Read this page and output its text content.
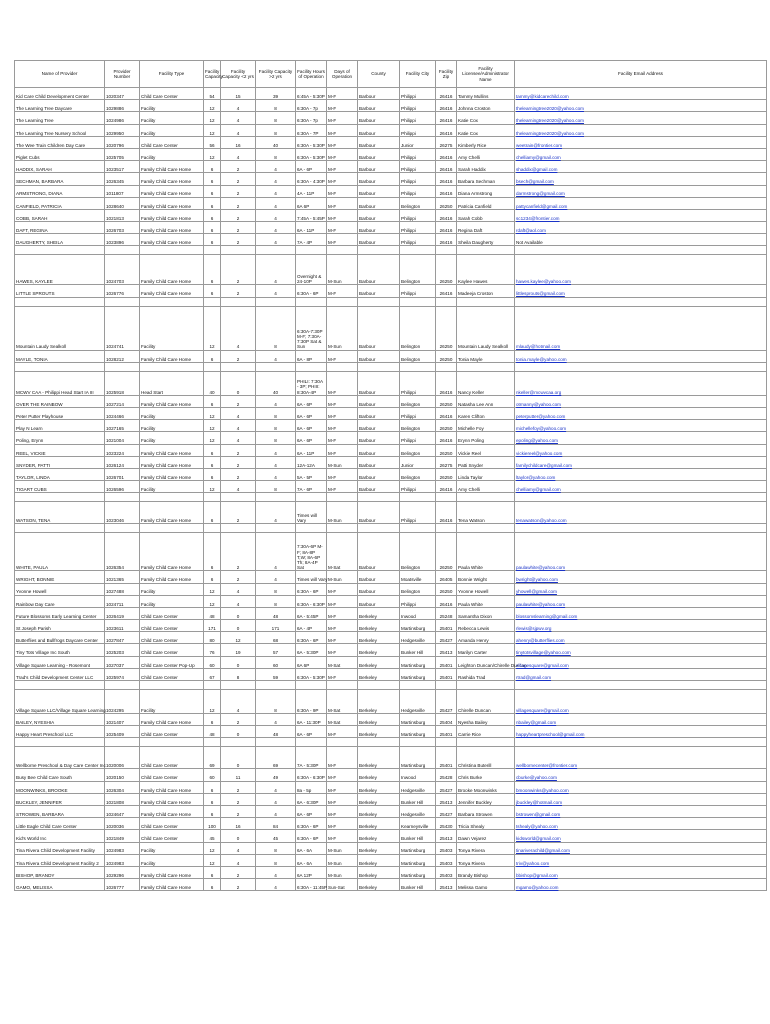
Name of Provider	Provider Number	Facility Type	Facility Capacity	Facility Capacity <2 yrs	Facility Capacity >2 yrs	Facility Hours of Operation	Days of Operation	County	Facility City	Facility Zip	Facility Licensee/Administrator Name	Facility Email Address
Kid Care Child Development Center	1020347	Child Care Center	54	15	39	6:45A - 5:30P	M-F	Barbour	Philippi	26416	Tammy Mullins	tammy@kidcarechild.com
The Learning Tree Daycare	1029886	Facility	12	4	8	6:30A - 7p	M-F	Barbour	Philippi	26416	Johnna Croston	thelearningtree2020@yahoo.com
The Learning Tree	1024986	Facility	12	4	8	6:30A - 7p	M-F	Barbour	Philippi	26416	Katie Cox	thelearningtree2020@yahoo.com
The Learning Tree Nursery School	1029950	Facility	12	4	8	6:30A - 7P	M-F	Barbour	Philippi	26416	Katie Cox	thelearningtree2020@yahoo.com
The Wee Train Children Day Care	1020796	Child Care Center	56	16	40	6:30A - 5:30P	M-F	Barbour	Junior	26275	Kimberly Rice	weetrain@frontier.com
Piglet Cubs	1025705	Facility	12	4	8	6:30A - 5:30P	M-F	Barbour	Philippi	26416	Amy Chelli	chelliamy@gmail.com
HADDIX, SARAH	1023517	Family Child Care Home	6	2	4	6A - 6P	M-F	Barbour	Philippi	26416	Sarah Haddix	shaddix@gmail.com
SECHMAN, BARBARA	1026345	Family Child Care Home	6	2	4	6:30A - 4:30P	M-F	Barbour	Philippi	26416	Barbara Sechman	bsech@gmail.com
ARMSTRONG, DIANA	1011807	Family Child Care Home	6	2	4	4A - 11P	M-F	Barbour	Philippi	26416	Diana Armstrong	darmstrong@gmail.com
CANFIELD, PATRICIA	1028640	Family Child Care Home	6	2	4	6A 6P	M-F	Barbour	Belington	26250	Patricia Canfield	pattycanfield@gmail.com
COBB, SARAH	1021813	Family Child Care Home	6	2	4	7:45A - 5:45P	M-F	Barbour	Philippi	26416	Sarah Cobb	sc1234@frontier.com
DAFT, REGINA	1026703	Family Child Care Home	6	2	4	6A - 11P	M-F	Barbour	Philippi	26416	Regina Daft	rdaft@aol.com
DAUGHERTY, SHEILA	1023896	Family Child Care Home	6	2	4	7A - 4P	M-F	Barbour	Philippi	26416	Sheila Daugherty	Not Available

HAWES, KAYLEE	1024703	Family Child Care Home	6	2	4	Overnight & 24-10P	M-Sun	Barbour	Belington	26250	Kaylee Hawes	hawes.kaylee@yahoo.com
LITTLE SPROUTS	1026776	Family Child Care Home	6	2	4	6:30A - 6P	M-F	Barbour	Philippi	26416	Madeeja Croston	littlesprouts@gmail.com

Mountain Laudy Sealkoll	1024741	Facility	12	4	8	6:30A-7:30P M-F; 7:30A-7:30P Sat & Sun	M-Sun	Barbour	Belington	26250	Mountain Laudy Sealkoll	mlaudy@hotmail.com
MAYLE, TONIA	1028212	Family Child Care Home	6	2	4	6A - 8P	M-F	Barbour	Belington	26250	Tonia Mayle	tonia.mayle@yahoo.com

MCWV CAA - Philippi Head Start IA III	1025918	Head Start	40	0	40	PHILI: 7:30A - 3P; PHIII: 8:30A-4P	M-F	Barbour	Philippi	26416	Nancy Keller	nkeller@mcwvcaa.org
OVER THE RAINBOW	1027214	Family Child Care Home	6	2	4	6A - 6P	M-F	Barbour	Belington	26250	Natasha Lee Ann	otrnanny@yahoo.com
Peter Putter Playhouse	1024466	Facility	12	4	8	6A - 6P	M-F	Barbour	Philippi	26416	Karen Clifton	peterputter@yahoo.com
Play N Learn	1027165	Facility	12	4	8	6A - 6P	M-F	Barbour	Belington	26250	Michelle Foy	michellefoy@yahoo.com
Poling, Erynn	1021004	Facility	12	4	8	6A - 6P	M-F	Barbour	Philippi	26416	Erynn Poling	epoling@yahoo.com
REEL, VICKIE	1023224	Family Child Care Home	6	2	4	6A - 11P	M-F	Barbour	Belington	26250	Vickie Reel	vickiereel@yahoo.com
SNYDER, PATTI	1026124	Family Child Care Home	6	2	4	12A-12A	M-Sun	Barbour	Junior	26275	Patti Snyder	familychildcare@gmail.com
TAYLOR, LINDA	1026701	Family Child Care Home	6	2	4	5A - 5P	M-F	Barbour	Belington	26250	Linda Taylor	ltaylor@yahoo.com
TIGART CUBS	1026596	Facility	12	4	8	7A - 6P	M-F	Barbour	Philippi	26416	Amy Chelli	chelliamy@gmail.com

WATSON, TENA	1023046	Family Child Care Home	6	2	4	Times will Vary	M-Sun	Barbour	Philippi	26416	Tena Watson	tenawatson@yahoo.com

WHITE, PAULA	1026354	Family Child Care Home	6	2	4	7:30A-6P M-F; 8A-8P T,W; 8A-6P Th; 8A-4P Sat	M-Sat	Barbour	Belington	26250	Paula White	paulawhite@yahoo.com
WRIGHT, BONNIE	1021365	Family Child Care Home	6	2	4	Times will Vary	M-Sun	Barbour	Moatsville	26405	Bonnie Wright	bwright@yahoo.com
Yvonne Howell	1027488	Facility	12	4	8	6:30A - 6P	M-F	Barbour	Belington	26250	Yvonne Howell	yhowell@gmail.com
Rainbow Day Care	1024711	Facility	12	4	8	6:30A - 6:30P	M-F	Barbour	Philippi	26416	Paula White	paulawhite@yahoo.com
Future Blossoms Early Learning Center	1026419	Child Care Center	48	0	48	6A - 5:45P	M-F	Berkeley	Inwood	25248	Samantha Dixon	blossomslearning@gmail.com
St Joseph Parish	1023611	Child Care Center	171	0	171	6A - 4P	M-F	Berkeley	Martinsburg	25401	Rebecca Lewis	rlewis@sjpwv.org
Butterflies and Bullfrogs Daycare Center	1027847	Child Care Center	80	12	68	6:30A - 6P	M-F	Berkeley	Hedgesville	25427	Amanda Henry	ahenry@butterflies.com
Tiny Tots Village Inc South	1025203	Child Care Center	76	19	57	6A - 5:30P	M-F	Berkeley	Bunker Hill	25413	Marilyn Carter	tinytotsvillage@yahoo.com
Village Square Learning - Rosemont	1027037	Child Care Center Pop-Up	60	0	60	6A 6P	M-Sat	Berkeley	Martinsburg	25401	Leighton Duncan/Chirelle Duncan	villagesquare@gmail.com
Trad's Child Development Center LLC	1025974	Child Care Center	67	8	59	6:30A - 5:30P	M-F	Berkeley	Martinsburg	25401	Rashida Trad	rtrad@gmail.com

Village Square LLC/Village Square Learning	1024295	Facility	12	4	8	6:30A - 9P	M-Sat	Berkeley	Hedgesville	25427	Chirelle Duncan	villagesquare@gmail.com
BAILEY, NYESHIA	1021407	Family Child Care Home	6	2	4	6A - 11:30P	M-Sat	Berkeley	Martinsburg	25404	Nyesha Bailey	nbailey@gmail.com
Happy Heart Preschool LLC	1025409	Child Care Center	48	0	48	6A - 6P	M-F	Berkeley	Martinsburg	25401	Carrie Rice	happyheartpreschool@gmail.com

Wellborne Preschool & Day Care Center Inc	1020006	Child Care Center	69	0	69	7A - 5:30P	M-F	Berkeley	Martinsburg	25401	Christina Buterill	wellbornecenter@frontier.com
Busy Bee Child Care South	1020150	Child Care Center	60	11	49	6:30A - 6:30P	M-F	Berkeley	Inwood	25428	Chris Burke	cburke@yahoo.com
MOONWINKS, BROOKE	1026304	Family Child Care Home	6	2	4	8a - 5p	M-F	Berkeley	Hedgesville	25427	Brooke Moonwinks	bmoonwinks@yahoo.com
BUCKLEY, JENNIFER	1021808	Family Child Care Home	6	2	4	6A - 6:30P	M-F	Berkeley	Bunker Hill	25413	Jennifer Buckley	jbuckley@hotmail.com
STROWEN, BARBARA	1024647	Family Child Care Home	6	2	4	6A - 6P	M-F	Berkeley	Hedgesville	25427	Barbara Strowen	bstrowen@gmail.com
Little Eagle Child Care Center	1020036	Child Care Center	100	16	84	6:30A - 6P	M-F	Berkeley	Kearneysville	25430	Tricia Shealy	tshealy@yahoo.com
Kid's World Inc	1021849	Child Care Center	45	0	45	6:30A - 6P	M-F	Berkeley	Bunker Hill	25413	Dawn Vejarez	kidsworld@gmail.com
Tina Rivera Child Development Facility	1024983	Facility	12	4	8	6A - 6A	M-Sun	Berkeley	Martinsburg	25403	Tonya Rivera	tinariverachild@gmail.com
Tina Rivera Child Development Facility 2	1024983	Facility	12	4	8	6A - 6A	M-Sun	Berkeley	Martinsburg	25403	Tonya Rivera	triv@yahoo.com
BISHOP, BRANDY	1029296	Family Child Care Home	6	2	4	6A 12P	M-Sun	Berkeley	Martinsburg	25403	Brandy Bishop	bbishop@gmail.com
GAMO, MELISSA	1026777	Family Child Care Home	6	2	4	6:30A - 11:45P	Sun-Sat	Berkeley	Bunker Hill	25413	Melissa Gamo	mgamo@yahoo.com
